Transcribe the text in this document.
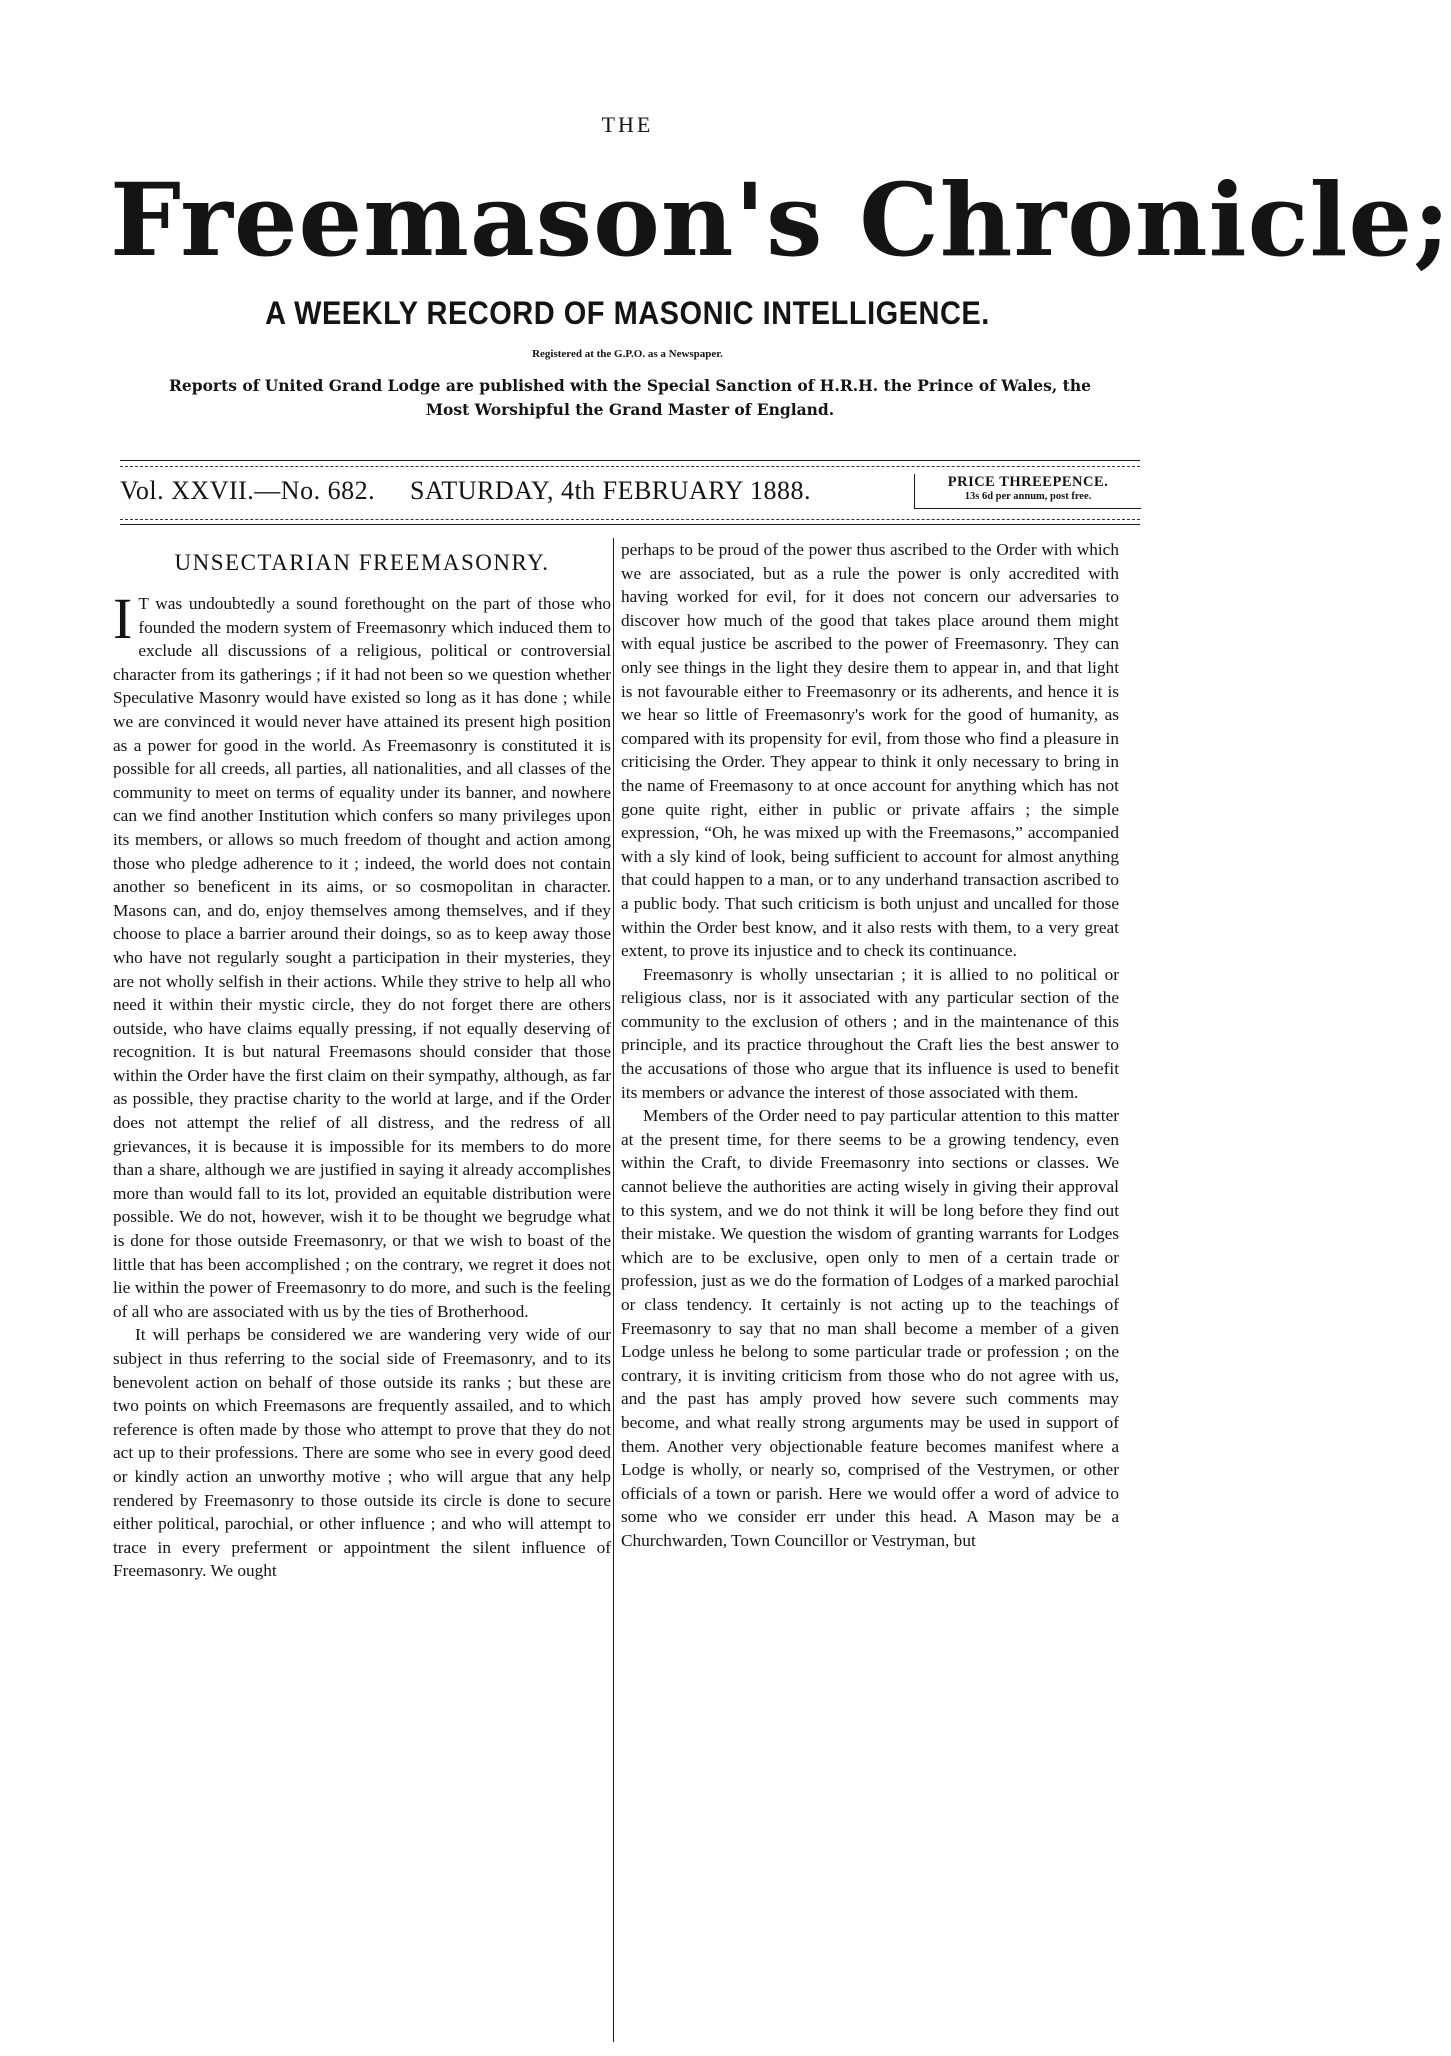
THE
Freemason's Chronicle;
A WEEKLY RECORD OF MASONIC INTELLIGENCE.
Registered at the G.P.O. as a Newspaper.
Reports of United Grand Lodge are published with the Special Sanction of H.R.H. the Prince of Wales, the Most Worshipful the Grand Master of England.
Vol. XXVII.—No. 682. SATURDAY, 4th FEBRUARY 1888.	PRICE THREEPENCE.
13s 6d per annum, post free.
UNSECTARIAN FREEMASONRY.

I T was undoubtedly a sound forethought on the part of those who founded the modern system of Freemasonry which induced them to exclude all discussions of a religious, political or controversial character from its gatherings ; if it had not been so we question whether Speculative Masonry would have existed so long as it has done ; while we are convinced it would never have attained its present high position as a power for good in the world. As Freemasonry is constituted it is possible for all creeds, all parties, all nationalities, and all classes of the community to meet on terms of equality under its banner, and nowhere can we find another Institution which confers so many privileges upon its members, or allows so much freedom of thought and action among those who pledge adherence to it ; indeed, the world does not contain another so beneficent in its aims, or so cosmopolitan in character. Masons can, and do, enjoy themselves among themselves, and if they choose to place a barrier around their doings, so as to keep away those who have not regularly sought a participation in their mysteries, they are not wholly selfish in their actions. While they strive to help all who need it within their mystic circle, they do not forget there are others outside, who have claims equally pressing, if not equally deserving of recognition. It is but natural Freemasons should consider that those within the Order have the first claim on their sympathy, although, as far as possible, they practise charity to the world at large, and if the Order does not attempt the relief of all distress, and the redress of all grievances, it is because it is impossible for its members to do more than a share, although we are justified in saying it already accomplishes more than would fall to its lot, provided an equitable distribution were possible. We do not, however, wish it to be thought we begrudge what is done for those outside Freemasonry, or that we wish to boast of the little that has been accomplished ; on the contrary, we regret it does not lie within the power of Freemasonry to do more, and such is the feeling of all who are associated with us by the ties of Brotherhood.

It will perhaps be considered we are wandering very wide of our subject in thus referring to the social side of Freemasonry, and to its benevolent action on behalf of those outside its ranks ; but these are two points on which Freemasons are frequently assailed, and to which reference is often made by those who attempt to prove that they do not act up to their professions. There are some who see in every good deed or kindly action an unworthy motive ; who will argue that any help rendered by Freemasonry to those outside its circle is done to secure either political, parochial, or other influence ; and who will attempt to trace in every preferment or appointment the silent influence of Freemasonry. We ought

perhaps to be proud of the power thus ascribed to the Order with which we are associated, but as a rule the power is only accredited with having worked for evil, for it does not concern our adversaries to discover how much of the good that takes place around them might with equal justice be ascribed to the power of Freemasonry. They can only see things in the light they desire them to appear in, and that light is not favourable either to Freemasonry or its adherents, and hence it is we hear so little of Freemasonry's work for the good of humanity, as compared with its propensity for evil, from those who find a pleasure in criticising the Order. They appear to think it only necessary to bring in the name of Freemasony to at once account for anything which has not gone quite right, either in public or private affairs ; the simple expression, “Oh, he was mixed up with the Freemasons,” accompanied with a sly kind of look, being sufficient to account for almost anything that could happen to a man, or to any underhand transaction ascribed to a public body. That such criticism is both unjust and uncalled for those within the Order best know, and it also rests with them, to a very great extent, to prove its injustice and to check its continuance.

Freemasonry is wholly unsectarian ; it is allied to no political or religious class, nor is it associated with any particular section of the community to the exclusion of others ; and in the maintenance of this principle, and its practice throughout the Craft lies the best answer to the accusations of those who argue that its influence is used to benefit its members or advance the interest of those associated with them.

Members of the Order need to pay particular attention to this matter at the present time, for there seems to be a growing tendency, even within the Craft, to divide Freemasonry into sections or classes. We cannot believe the authorities are acting wisely in giving their approval to this system, and we do not think it will be long before they find out their mistake. We question the wisdom of granting warrants for Lodges which are to be exclusive, open only to men of a certain trade or profession, just as we do the formation of Lodges of a marked parochial or class tendency. It certainly is not acting up to the teachings of Freemasonry to say that no man shall become a member of a given Lodge unless he belong to some particular trade or profession ; on the contrary, it is inviting criticism from those who do not agree with us, and the past has amply proved how severe such comments may become, and what really strong arguments may be used in support of them. Another very objectionable feature becomes manifest where a Lodge is wholly, or nearly so, comprised of the Vestrymen, or other officials of a town or parish. Here we would offer a word of advice to some who we consider err under this head. A Mason may be a Churchwarden, Town Councillor or Vestryman, but
